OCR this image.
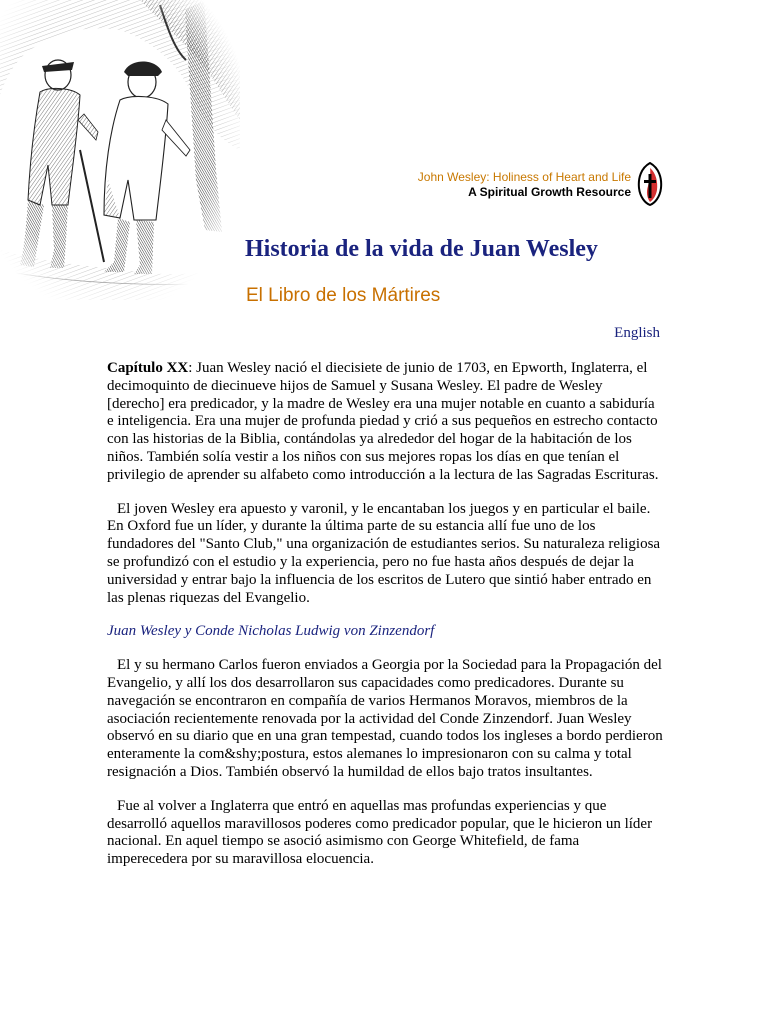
John Wesley: Holiness of Heart and Life
A Spiritual Growth Resource
Historia de la vida de Juan Wesley
El Libro de los Mártires
English

Capítulo XX: Juan Wesley nació el diecisiete de junio de 1703, en Epworth, Inglaterra, el decimoquinto de diecinueve hijos de Samuel y Susana Wesley. El padre de Wesley [derecho] era predicador, y la madre de Wesley era una mujer notable en cuanto a sabiduría e inteligencia. Era una mujer de profunda piedad y crió a sus pequeños en estrecho contacto con las historias de la Biblia, contándolas ya alrededor del hogar de la habitación de los niños. También solía vestir a los niños con sus mejores ropas los días en que tenían el privilegio de aprender su alfabeto como introducción a la lectura de las Sagradas Escrituras.

El joven Wesley era apuesto y varonil, y le encantaban los juegos y en particular el baile. En Oxford fue un líder, y durante la última parte de su estancia allí fue uno de los fundadores del "Santo Club," una organización de estudiantes serios. Su naturaleza religiosa se profundizó con el estudio y la experiencia, pero no fue hasta años después de dejar la universidad y entrar bajo la influencia de los escritos de Lutero que sintió haber entrado en las plenas riquezas del Evangelio.

Juan Wesley y Conde Nicholas Ludwig von Zinzendorf

El y su hermano Carlos fueron enviados a Georgia por la Sociedad para la Propagación del Evangelio, y allí los dos desarrollaron sus capacidades como predicadores. Durante su navegación se encontraron en compañía de varios Hermanos Moravos, miembros de la asociación recientemente renovada por la actividad del Conde Zinzendorf. Juan Wesley observó en su diario que en una gran tempestad, cuando todos los ingleses a bordo perdieron enteramente la com&shy;postura, estos alemanes lo impresionaron con su calma y total resignación a Dios. También observó la humildad de ellos bajo tratos insultantes.

Fue al volver a Inglaterra que entró en aquellas mas profundas experiencias y que desarrolló aquellos maravillosos poderes como predicador popular, que le hicieron un líder nacional. En aquel tiempo se asoció asimismo con George Whitefield, de fama imperecedera por su maravillosa elocuencia.
